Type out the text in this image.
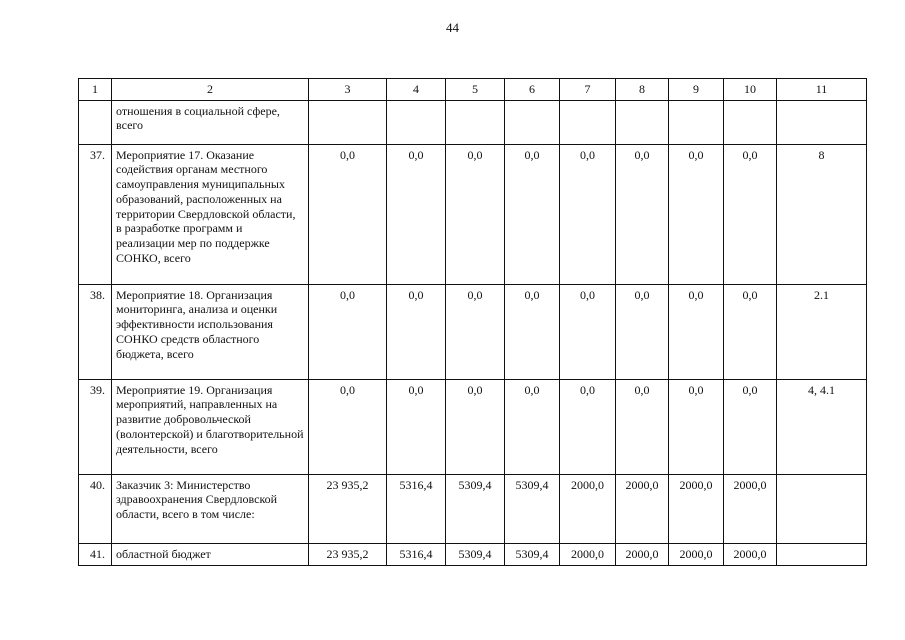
44
1	2	3	4	5	6	7	8	9	10	11
	отношения в социальной сфере, всего									
37.	Мероприятие 17. Оказание содействия органам местного самоуправления муниципальных образований, расположенных на территории Свердловской области, в разработке программ и реализации мер по поддержке СОНКО, всего	0,0	0,0	0,0	0,0	0,0	0,0	0,0	0,0	8
38.	Мероприятие 18. Организация мониторинга, анализа и оценки эффективности использования СОНКО средств областного бюджета, всего	0,0	0,0	0,0	0,0	0,0	0,0	0,0	0,0	2.1
39.	Мероприятие 19. Организация мероприятий, направленных на развитие добровольческой (волонтерской) и благотворительной деятельности, всего	0,0	0,0	0,0	0,0	0,0	0,0	0,0	0,0	4, 4.1
40.	Заказчик 3: Министерство здравоохранения Свердловской области, всего в том числе:	23 935,2	5316,4	5309,4	5309,4	2000,0	2000,0	2000,0	2000,0	
41.	областной бюджет	23 935,2	5316,4	5309,4	5309,4	2000,0	2000,0	2000,0	2000,0	
